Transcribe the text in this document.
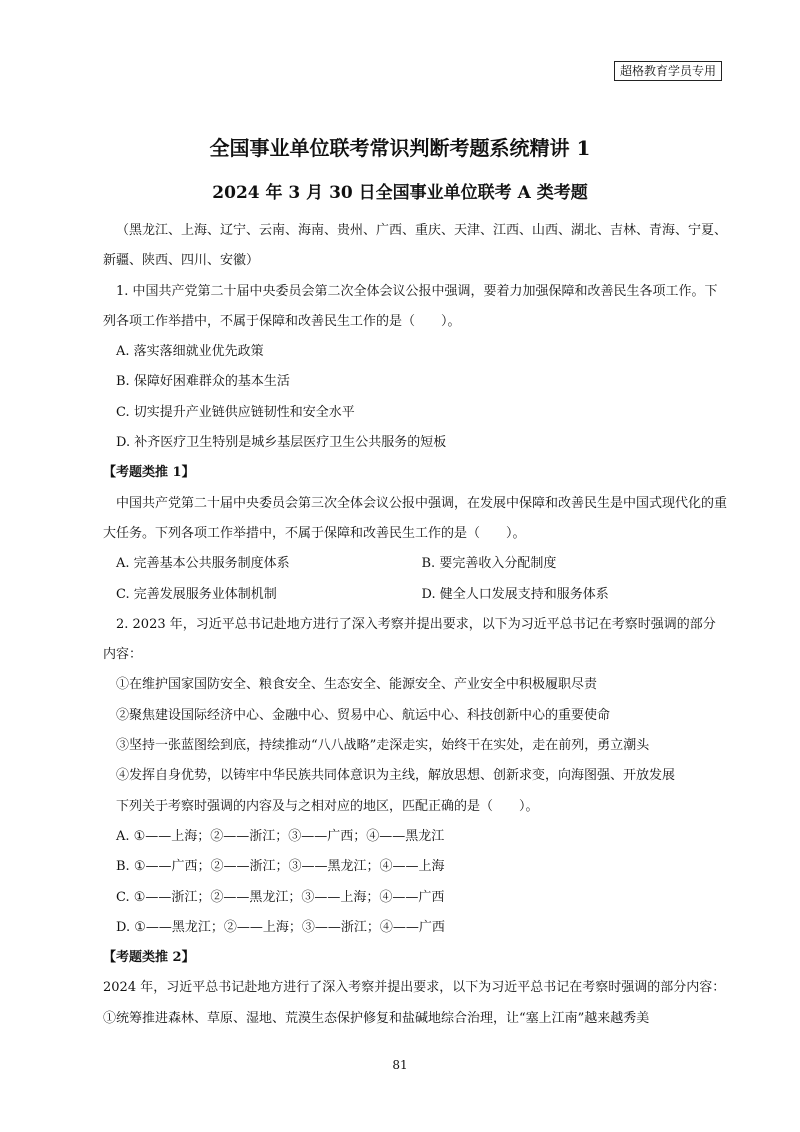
超格教育学员专用
全国事业单位联考常识判断考题系统精讲 1
2024 年 3 月 30 日全国事业单位联考 A 类考题

（黑龙江、上海、辽宁、云南、海南、贵州、广西、重庆、天津、江西、山西、湖北、吉林、青海、宁夏、新疆、陕西、四川、安徽）

1. 中国共产党第二十届中央委员会第二次全体会议公报中强调，要着力加强保障和改善民生各项工作。下列各项工作举措中，不属于保障和改善民生工作的是（　　）。

A. 落实落细就业优先政策

B. 保障好困难群众的基本生活

C. 切实提升产业链供应链韧性和安全水平

D. 补齐医疗卫生特别是城乡基层医疗卫生公共服务的短板

【考题类推 1】

中国共产党第二十届中央委员会第三次全体会议公报中强调，在发展中保障和改善民生是中国式现代化的重大任务。下列各项工作举措中，不属于保障和改善民生工作的是（　　）。

A. 完善基本公共服务制度体系	B. 要完善收入分配制度
C. 完善发展服务业体制机制	D. 健全人口发展支持和服务体系

2. 2023 年，习近平总书记赴地方进行了深入考察并提出要求，以下为习近平总书记在考察时强调的部分内容：

①在维护国家国防安全、粮食安全、生态安全、能源安全、产业安全中积极履职尽责

②聚焦建设国际经济中心、金融中心、贸易中心、航运中心、科技创新中心的重要使命

③坚持一张蓝图绘到底，持续推动“八八战略”走深走实，始终干在实处，走在前列，勇立潮头

④发挥自身优势，以铸牢中华民族共同体意识为主线，解放思想、创新求变，向海图强、开放发展

下列关于考察时强调的内容及与之相对应的地区，匹配正确的是（　　）。

A. ①——上海；②——浙江；③——广西；④——黑龙江

B. ①——广西；②——浙江；③——黑龙江；④——上海

C. ①——浙江；②——黑龙江；③——上海；④——广西

D. ①——黑龙江；②——上海；③——浙江；④——广西

【考题类推 2】

2024 年，习近平总书记赴地方进行了深入考察并提出要求，以下为习近平总书记在考察时强调的部分内容：

①统筹推进森林、草原、湿地、荒漠生态保护修复和盐碱地综合治理，让“塞上江南”越来越秀美

81
